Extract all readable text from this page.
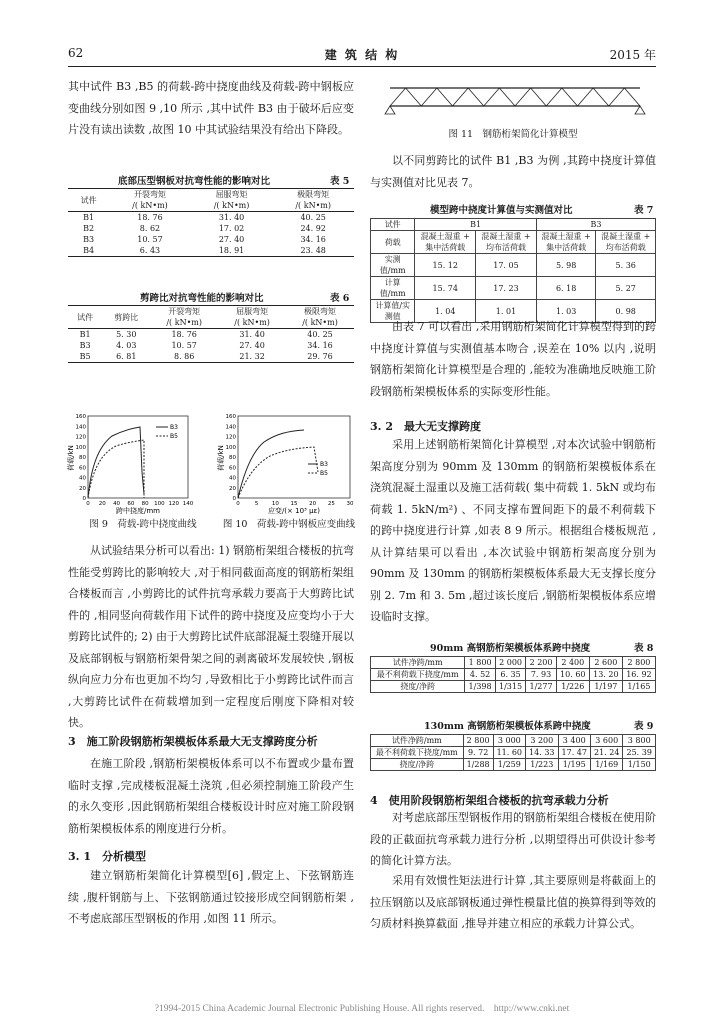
62	建 筑 结 构	2015 年
其中试件 B3 ,B5 的荷载-跨中挠度曲线及荷载-跨中钢板应变曲线分别如图 9 ,10 所示 ,其中试件 B3 由于破坏后应变片没有读出读数 ,故图 10 中其试验结果没有给出下降段。
底部压型钢板对抗弯性能的影响对比	表 5
试件	开裂弯矩	屈服弯矩	极限弯矩
	/( kN•m)	/( kN•m)	/( kN•m)
B1	18. 76	31. 40	40. 25
B2	8. 62	17. 02	24. 92
B3	10. 57	27. 40	34. 16
B4	6. 43	18. 91	23. 48
剪跨比对抗弯性能的影响对比	表 6
试件	剪跨比	开裂弯矩	屈服弯矩	极限弯矩
		/( kN•m)	/( kN•m)	/( kN•m)
B1	5. 30	18. 76	31. 40	40. 25
B3	4. 03	10. 57	27. 40	34. 16
B5	6. 81	8. 86	21. 32	29. 76
0
20
40
60
80
100
120
140
160
0 20 40 60 80 100 120 140
荷载/kN
跨中挠度/mm
B3
B5
0
20
40
60
80
100
120
140
160
0	5 10 15 20 25 30
荷载/kN
应变/(× 10³ με)
B3
B5
图 9　荷载-跨中挠度曲线	图 10　荷载-跨中钢板应变曲线
从试验结果分析可以看出: 1) 钢筋桁架组合楼板的抗弯性能受剪跨比的影响较大 ,对于相同截面高度的钢筋桁架组合楼板而言 ,小剪跨比的试件抗弯承载力要高于大剪跨比试件的 ,相同竖向荷载作用下试件的跨中挠度及应变均小于大剪跨比试件的; 2) 由于大剪跨比试件底部混凝土裂缝开展以及底部钢板与钢筋桁架骨架之间的剥离破坏发展较快 ,钢板纵向应力分布也更加不均匀 ,导致相比于小剪跨比试件而言 ,大剪跨比试件在荷载增加到一定程度后刚度下降相对较快。
3　施工阶段钢筋桁架模板体系最大无支撑跨度分析
在施工阶段 ,钢筋桁架模板体系可以不布置或少量布置临时支撑 ,完成楼板混凝土浇筑 ,但必须控制施工阶段产生的永久变形 ,因此钢筋桁架组合楼板设计时应对施工阶段钢筋桁架模板体系的刚度进行分析。
3. 1　分析模型
建立钢筋桁架简化计算模型[6] ,假定上、下弦钢筋连续 ,腹杆钢筋与上、下弦钢筋通过铰接形成空间钢筋桁架 ,不考虑底部压型钢板的作用 ,如图 11 所示。
图 11　钢筋桁架简化计算模型
以不同剪跨比的试件 B1 ,B3 为例 ,其跨中挠度计算值与实测值对比见表 7。
模型跨中挠度计算值与实测值对比	表 7
试件	B1		B3	
荷载	混凝土湿重 + 集中活荷载	混凝土湿重 + 均布活荷载	混凝土湿重 + 集中活荷载	混凝土湿重 + 均布活荷载
实测值/mm	15. 12	17. 05	5. 98	5. 36
计算值/mm	15. 74	17. 23	6. 18	5. 27
计算值/实测值	1. 04	1. 01	1. 03	0. 98
由表 7 可以看出 ,采用钢筋桁架简化计算模型得到的跨中挠度计算值与实测值基本吻合 ,误差在 10% 以内 ,说明钢筋桁架简化计算模型是合理的 ,能较为准确地反映施工阶段钢筋桁架模板体系的实际变形性能。
3. 2　最大无支撑跨度
采用上述钢筋桁架简化计算模型 ,对本次试验中钢筋桁架高度分别为 90mm 及 130mm 的钢筋桁架模板体系在浇筑混凝土湿重以及施工活荷载( 集中荷载 1. 5kN 或均布荷载 1. 5kN/m²) 、不同支撑布置间距下的最不利荷载下的跨中挠度进行计算 ,如表 8 9 所示。根据组合楼板规范 ,从计算结果可以看出 ,本次试验中钢筋桁架高度分别为 90mm 及 130mm 的钢筋桁架模板体系最大无支撑长度分别 2. 7m 和 3. 5m ,超过该长度后 ,钢筋桁架模板体系应增设临时支撑。
90mm 高钢筋桁架模板体系跨中挠度	表 8
试件净跨/mm	1 800	2 000	2 200	2 400	2 600	2 800
最不利荷载下挠度/mm	4. 52	6. 35	7. 93	10. 60	13. 20	16. 92
挠度/净跨	1/398	1/315	1/277	1/226	1/197	1/165
130mm 高钢筋桁架模板体系跨中挠度	表 9
试件净跨/mm	2 800	3 000	3 200	3 400	3 600	3 800
最不利荷载下挠度/mm	9. 72	11. 60	14. 33	17. 47	21. 24	25. 39
挠度/净跨	1/288	1/259	1/223	1/195	1/169	1/150
4　使用阶段钢筋桁架组合楼板的抗弯承载力分析
对考虑底部压型钢板作用的钢筋桁架组合楼板在使用阶段的正截面抗弯承载力进行分析 ,以期望得出可供设计参考的简化计算方法。
采用有效惯性矩法进行计算 ,其主要原则是将截面上的拉压钢筋以及底部钢板通过弹性模量比值的换算得到等效的匀质材料换算截面 ,推导并建立相应的承载力计算公式。
?1994-2015 China Academic Journal Electronic Publishing House. All rights reserved.　http://www.cnki.net
